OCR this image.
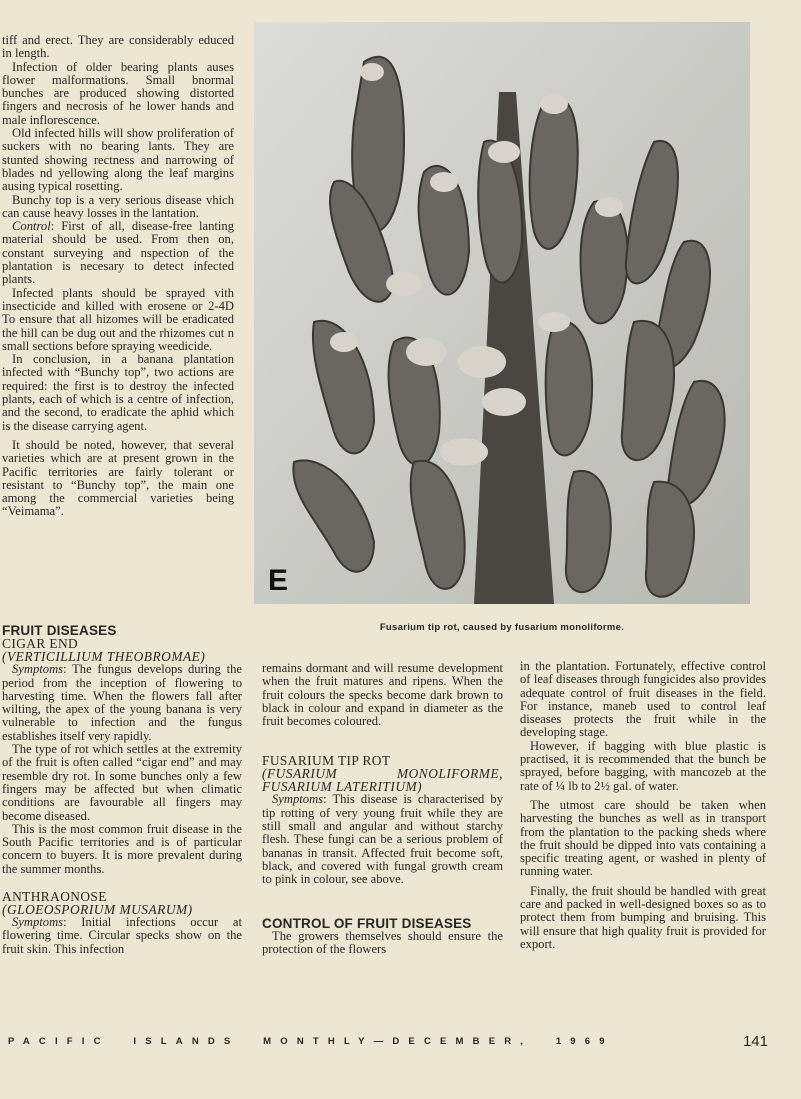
tiff and erect. They are considerably educed in length.

Infection of older bearing plants auses flower malformations. Small bnormal bunches are produced showing distorted fingers and necrosis of he lower hands and male inflorescence.

Old infected hills will show proliferation of suckers with no bearing lants. They are stunted showing rectness and narrowing of blades nd yellowing along the leaf margins ausing typical rosetting.

Bunchy top is a very serious disease vhich can cause heavy losses in the lantation.

Control: First of all, disease-free lanting material should be used. From then on, constant surveying and nspection of the plantation is necesary to detect infected plants.

Infected plants should be sprayed vith insecticide and killed with erosene or 2-4D To ensure that all hizomes will be eradicated the hill can be dug out and the rhizomes cut n small sections before spraying weedicide.

In conclusion, in a banana plantation infected with “Bunchy top”, two actions are required: the first is to destroy the infected plants, each of which is a centre of infection, and the second, to eradicate the aphid which is the disease carrying agent.

It should be noted, however, that several varieties which are at present grown in the Pacific territories are fairly tolerant or resistant to “Bunchy top”, the main one among the commercial varieties being “Veimama”.

E
Fusarium tip rot, caused by fusarium monoliforme.

FRUIT DISEASES

CIGAR END

(VERTICILLIUM THEOBROMAE)

Symptoms: The fungus develops during the period from the inception of flowering to harvesting time. When the flowers fall after wilting, the apex of the young banana is very vulnerable to infection and the fungus establishes itself very rapidly.

The type of rot which settles at the extremity of the fruit is often called “cigar end” and may resemble dry rot. In some bunches only a few fingers may be affected but when climatic conditions are favourable all fingers may become diseased.

This is the most common fruit disease in the South Pacific territories and is of particular concern to buyers. It is more prevalent during the summer months.

ANTHRAONOSE

(GLOEOSPORIUM MUSARUM)

Symptoms: Initial infections occur at flowering time. Circular specks show on the fruit skin. This infection

remains dormant and will resume development when the fruit matures and ripens. When the fruit colours the specks become dark brown to black in colour and expand in diameter as the fruit becomes coloured.

FUSARIUM TIP ROT

(FUSARIUM MONOLIFORME, FUSARIUM LATERITIUM)

Symptoms: This disease is characterised by tip rotting of very young fruit while they are still small and angular and without starchy flesh. These fungi can be a serious problem of bananas in transit. Affected fruit become soft, black, and covered with fungal growth cream to pink in colour, see above.

CONTROL OF FRUIT DISEASES

The growers themselves should ensure the protection of the flowers

in the plantation. Fortunately, effective control of leaf diseases through fungicides also provides adequate control of fruit diseases in the field. For instance, maneb used to control leaf diseases protects the fruit while in the developing stage.

However, if bagging with blue plastic is practised, it is recommended that the bunch be sprayed, before bagging, with mancozeb at the rate of ¼ lb to 2½ gal. of water.

The utmost care should be taken when harvesting the bunches as well as in transport from the plantation to the packing sheds where the fruit should be dipped into vats containing a specific treating agent, or washed in plenty of running water.

Finally, the fruit should be handled with great care and packed in well-designed boxes so as to protect them from bumping and bruising. This will ensure that high quality fruit is provided for export.

PACIFIC  ISLANDS  MONTHLY—DECEMBER,  1969	141
